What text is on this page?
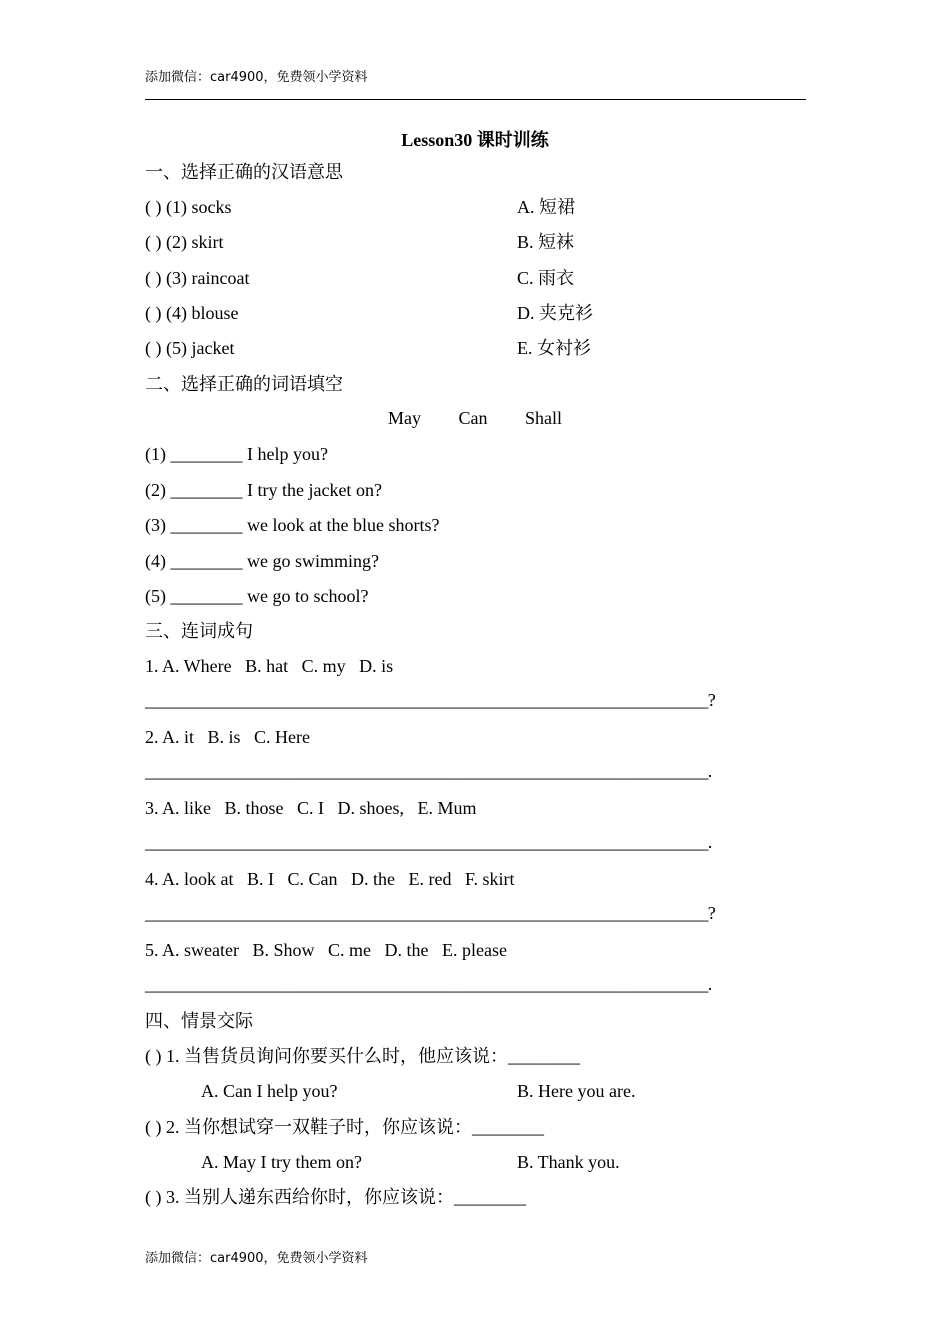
添加微信：car4900，免费领小学资料
Lesson30 课时训练
一、选择正确的汉语意思
( ) (1) socks	A. 短裙
( ) (2) skirt	B. 短袜
( ) (3) raincoat	C. 雨衣
( ) (4) blouse	D. 夹克衫
( ) (5) jacket	E. 女衬衫
二、选择正确的词语填空
May   Can   Shall
(1) ________ I help you?
(2) ________ I try the jacket on?
(3) ________ we look at the blue shorts?
(4) ________ we go swimming?
(5) ________ we go to school?
三、连词成句
1. A. Where   B. hat   C. my   D. is
___________________________________________________________________?
2. A. it   B. is   C. Here
___________________________________________________________________.
3. A. like   B. those   C. I   D. shoes,   E. Mum
___________________________________________________________________.
4. A. look at   B. I   C. Can   D. the   E. red   F. skirt
___________________________________________________________________?
5. A. sweater   B. Show   C. me   D. the   E. please
___________________________________________________________________.
四、情景交际
( ) 1. 当售货员询问你要买什么时，他应该说：________
A. Can I help you?	B. Here you are.
( ) 2. 当你想试穿一双鞋子时，你应该说：________
A. May I try them on?	B. Thank you.
( ) 3. 当别人递东西给你时，你应该说：________
添加微信：car4900，免费领小学资料
